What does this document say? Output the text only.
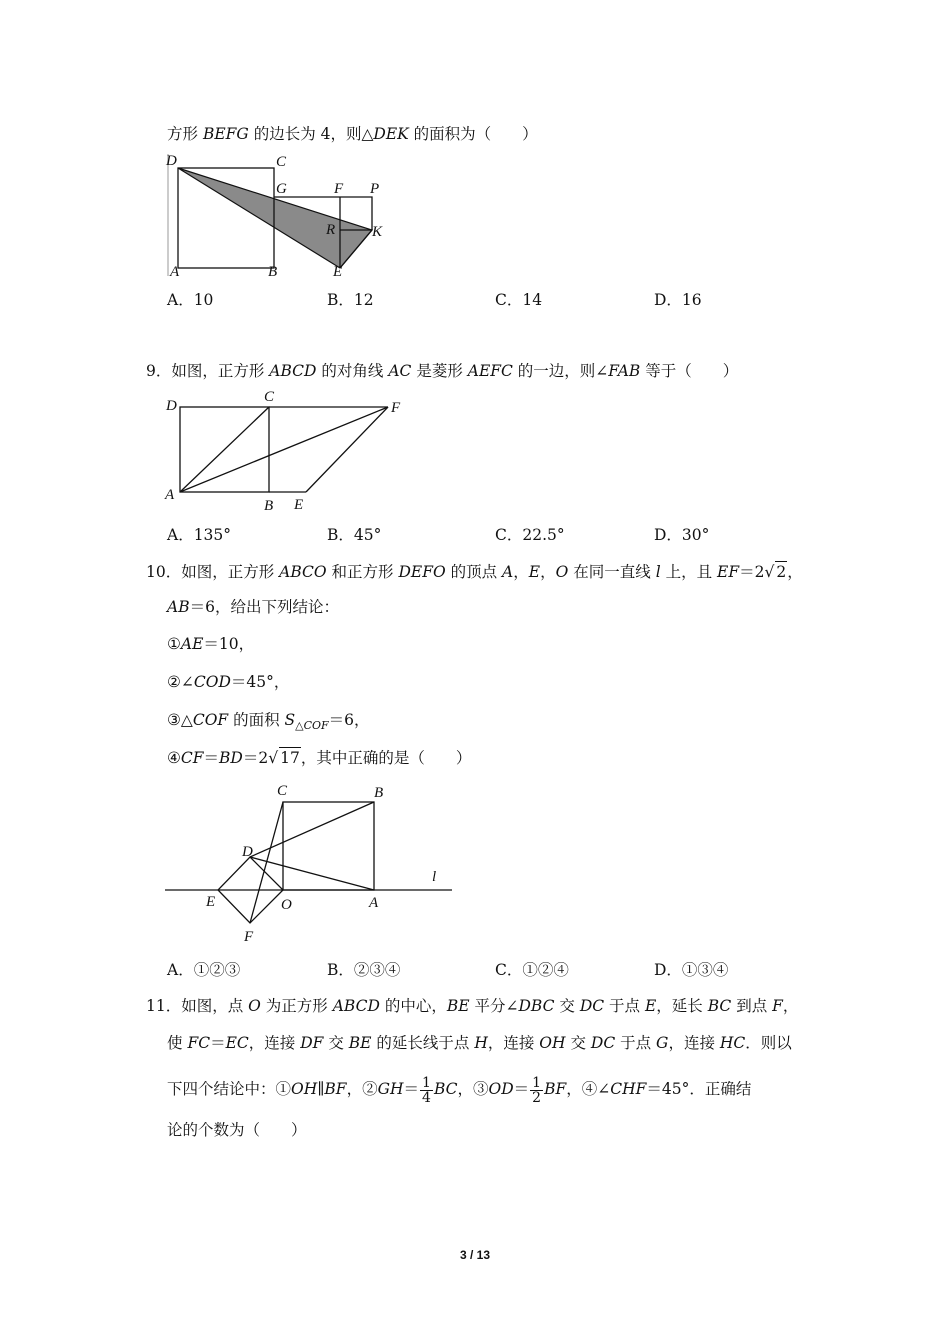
方形 BEFG 的边长为 4，则△DEK 的面积为（　　）
D	C
G	F P
R K
A	B	E
A．10	B．12	C．14	D．16
9．如图，正方形 ABCD 的对角线 AC 是菱形 AEFC 的一边，则∠FAB 等于（　　）
D
C
F
A
B E
A．135°	B．45°	C．22.5°	D．30°
10．如图，正方形 ABCO 和正方形 DEFO 的顶点 A，E，O 在同一直线 l 上，且 EF＝2√ 2，
AB＝6，给出下列结论：
①AE＝10，
②∠COD＝45°，
③△COF 的面积 $S_{\triangle COF}=6$，
④CF＝BD＝2√ 17，其中正确的是（　　）
C	B
D
l
E	O	A
F
A．①②③	B．②③④	C．①②④	D．①③④
11．如图，点 O 为正方形 ABCD 的中心，BE 平分∠DBC 交 DC 于点 E，延长 BC 到点 F，
使 FC＝EC，连接 DF 交 BE 的延长线于点 H，连接 OH 交 DC 于点 G，连接 HC．则以
下四个结论中：①OH∥BF，②GH＝ $\frac{1}{4}$ BC，③OD＝ $\frac{1}{2}$ BF，④∠CHF＝45°．正确结
论的个数为（　　）
3 / 13
